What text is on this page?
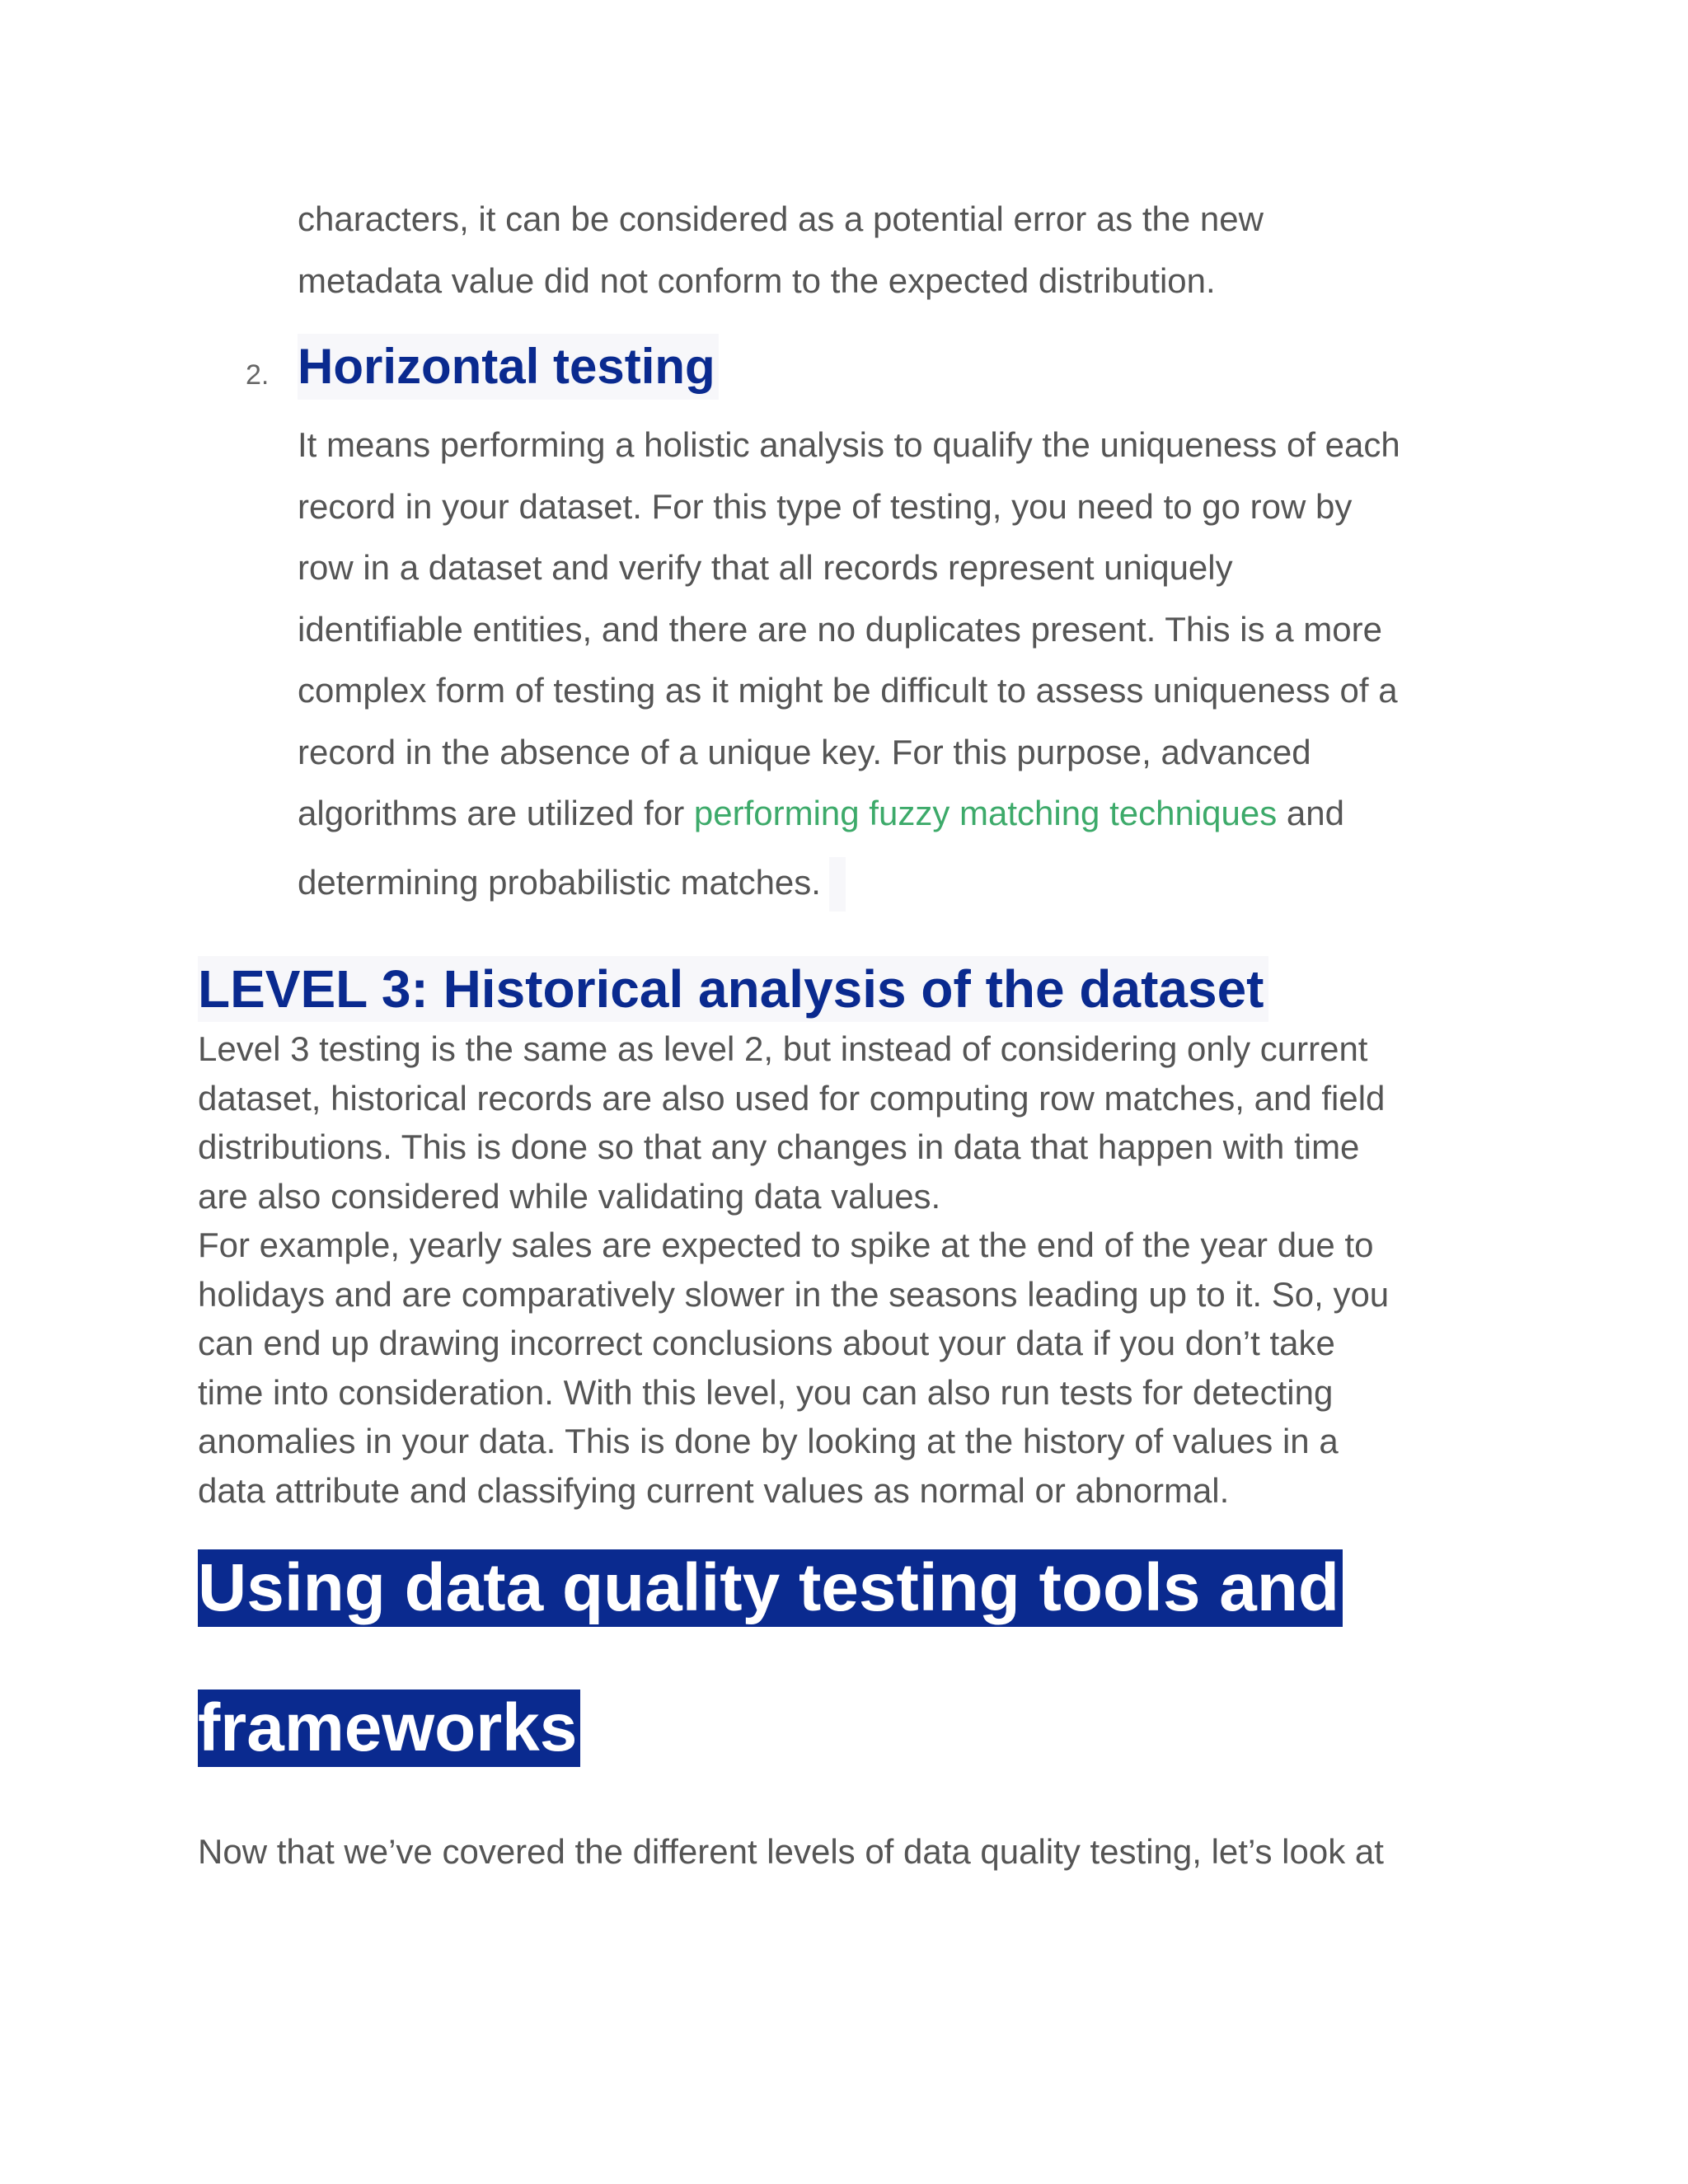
characters, it can be considered as a potential error as the new

metadata value did not conform to the expected distribution.

2. Horizontal testing

It means performing a holistic analysis to qualify the uniqueness of each

record in your dataset. For this type of testing, you need to go row by

row in a dataset and verify that all records represent uniquely

identifiable entities, and there are no duplicates present. This is a more

complex form of testing as it might be difficult to assess uniqueness of a

record in the absence of a unique key. For this purpose, advanced

algorithms are utilized for performing fuzzy matching techniques and

determining probabilistic matches.

LEVEL 3: Historical analysis of the dataset

Level 3 testing is the same as level 2, but instead of considering only current

dataset, historical records are also used for computing row matches, and field

distributions. This is done so that any changes in data that happen with time

are also considered while validating data values.

For example, yearly sales are expected to spike at the end of the year due to

holidays and are comparatively slower in the seasons leading up to it. So, you

can end up drawing incorrect conclusions about your data if you don’t take

time into consideration. With this level, you can also run tests for detecting

anomalies in your data. This is done by looking at the history of values in a

data attribute and classifying current values as normal or abnormal.

Using data quality testing tools and
frameworks

Now that we’ve covered the different levels of data quality testing, let’s look at
